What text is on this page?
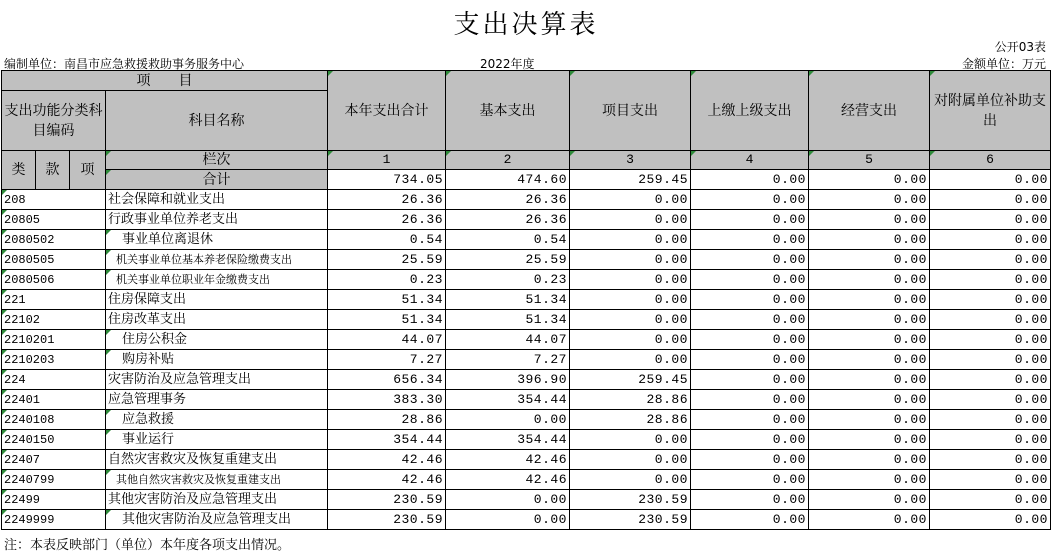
支出决算表
公开03表
编制单位：南昌市应急救援救助事务服务中心	2022年度	金额单位：万元
项　　目				本年支出合计	基本支出	项目支出	上缴上级支出	经营支出	对附属单位补助支出
支出功能分类科目编码			科目名称						

类	款	项	栏次	1	2	3	4	5	6
			合计	734.05	474.60	259.45	0.00	0.00	0.00
208			社会保障和就业支出	26.36	26.36	0.00	0.00	0.00	0.00
20805			行政事业单位养老支出	26.36	26.36	0.00	0.00	0.00	0.00
2080502			事业单位离退休	0.54	0.54	0.00	0.00	0.00	0.00
2080505			机关事业单位基本养老保险缴费支出	25.59	25.59	0.00	0.00	0.00	0.00
2080506			机关事业单位职业年金缴费支出	0.23	0.23	0.00	0.00	0.00	0.00
221			住房保障支出	51.34	51.34	0.00	0.00	0.00	0.00
22102			住房改革支出	51.34	51.34	0.00	0.00	0.00	0.00
2210201			住房公积金	44.07	44.07	0.00	0.00	0.00	0.00
2210203			购房补贴	7.27	7.27	0.00	0.00	0.00	0.00
224			灾害防治及应急管理支出	656.34	396.90	259.45	0.00	0.00	0.00
22401			应急管理事务	383.30	354.44	28.86	0.00	0.00	0.00
2240108			应急救援	28.86	0.00	28.86	0.00	0.00	0.00
2240150			事业运行	354.44	354.44	0.00	0.00	0.00	0.00
22407			自然灾害救灾及恢复重建支出	42.46	42.46	0.00	0.00	0.00	0.00
2240799			其他自然灾害救灾及恢复重建支出	42.46	42.46	0.00	0.00	0.00	0.00
22499			其他灾害防治及应急管理支出	230.59	0.00	230.59	0.00	0.00	0.00
2249999			其他灾害防治及应急管理支出	230.59	0.00	230.59	0.00	0.00	0.00
注：本表反映部门（单位）本年度各项支出情况。
